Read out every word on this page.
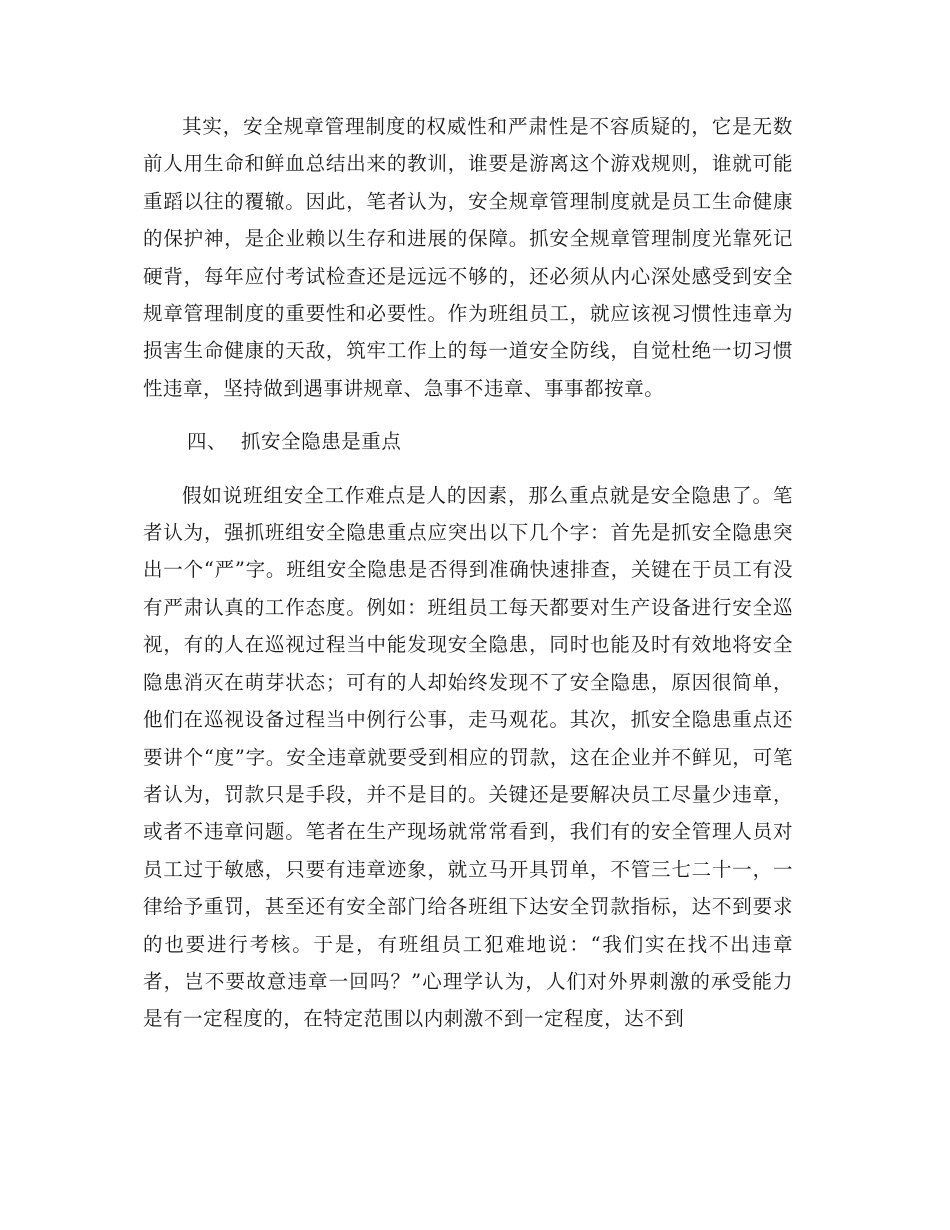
其实，安全规章管理制度的权威性和严肃性是不容质疑的，它是无数前人用生命和鲜血总结出来的教训，谁要是游离这个游戏规则，谁就可能重蹈以往的覆辙。因此，笔者认为，安全规章管理制度就是员工生命健康的保护神，是企业赖以生存和进展的保障。抓安全规章管理制度光靠死记硬背，每年应付考试检查还是远远不够的，还必须从内心深处感受到安全规章管理制度的重要性和必要性。作为班组员工，就应该视习惯性违章为损害生命健康的天敌，筑牢工作上的每一道安全防线，自觉杜绝一切习惯性违章，坚持做到遇事讲规章、急事不违章、事事都按章。

四、 抓安全隐患是重点

假如说班组安全工作难点是人的因素，那么重点就是安全隐患了。笔者认为，强抓班组安全隐患重点应突出以下几个字：首先是抓安全隐患突出一个“严”字。班组安全隐患是否得到准确快速排查，关键在于员工有没有严肃认真的工作态度。例如：班组员工每天都要对生产设备进行安全巡视，有的人在巡视过程当中能发现安全隐患，同时也能及时有效地将安全隐患消灭在萌芽状态；可有的人却始终发现不了安全隐患，原因很简单，他们在巡视设备过程当中例行公事，走马观花。其次，抓安全隐患重点还要讲个“度”字。安全违章就要受到相应的罚款，这在企业并不鲜见，可笔者认为，罚款只是手段，并不是目的。关键还是要解决员工尽量少违章，或者不违章问题。笔者在生产现场就常常看到，我们有的安全管理人员对员工过于敏感，只要有违章迹象，就立马开具罚单，不管三七二十一，一律给予重罚，甚至还有安全部门给各班组下达安全罚款指标，达不到要求的也要进行考核。于是，有班组员工犯难地说：“我们实在找不出违章者，岂不要故意违章一回吗？”心理学认为，人们对外界刺激的承受能力是有一定程度的，在特定范围以内刺激不到一定程度，达不到
